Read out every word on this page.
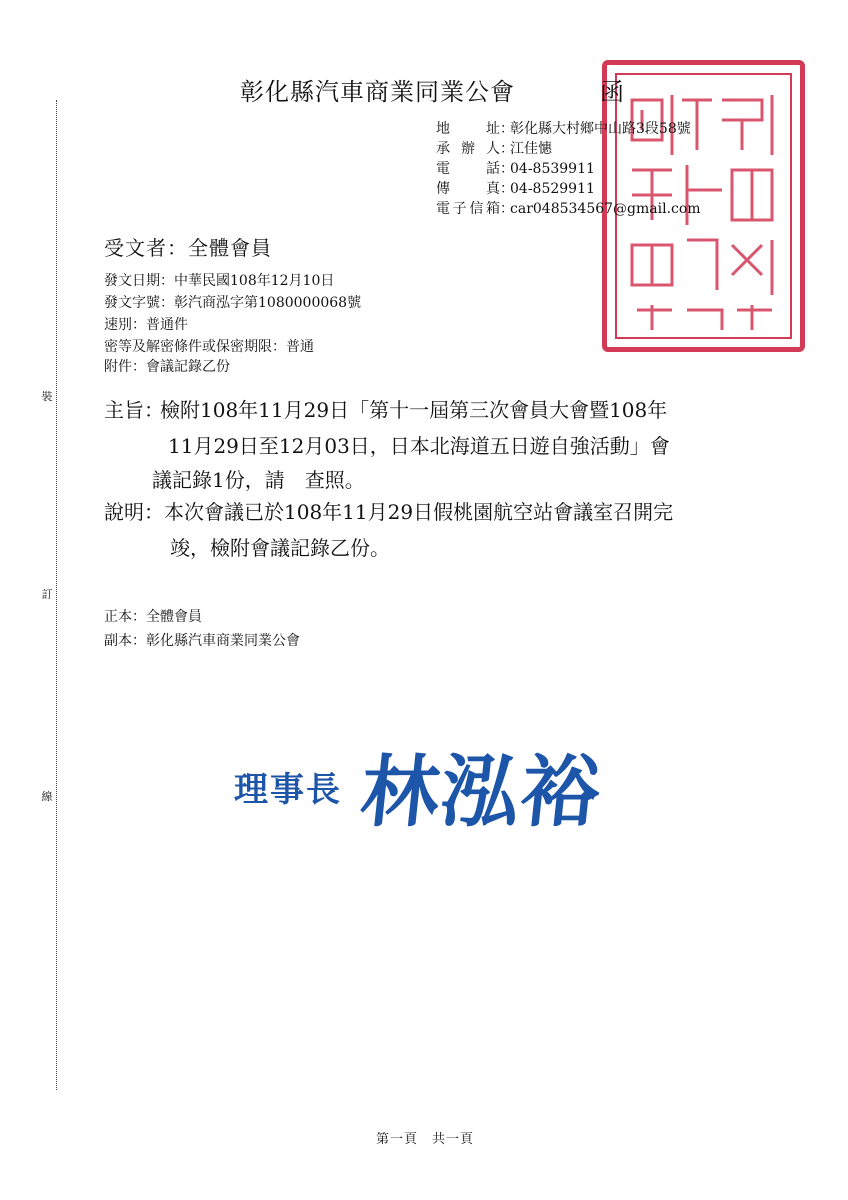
裝
訂
線
彰化縣汽車商業同業公會	函
地址：彰化縣大村鄉中山路3段58號
承辦人：江佳憓
電話：04-8539911
傳真：04-8529911
電子信箱：car048534567@gmail.com
受文者：全體會員
發文日期：中華民國108年12月10日
發文字號：彰汽商泓字第1080000068號
速別：普通件
密等及解密條件或保密期限：普通
附件：會議記錄乙份
主旨：
檢附108年11月29日「第十一屆第三次會員大會暨108年
11月29日至12月03日，日本北海道五日遊自強活動」會
議記錄1份，請　查照。
說明： 本次會議已於108年11月29日假桃園航空站會議室召開完
竣，檢附會議記錄乙份。
正本：全體會員
副本：彰化縣汽車商業同業公會
理事長 林泓裕
第一頁　共一頁
